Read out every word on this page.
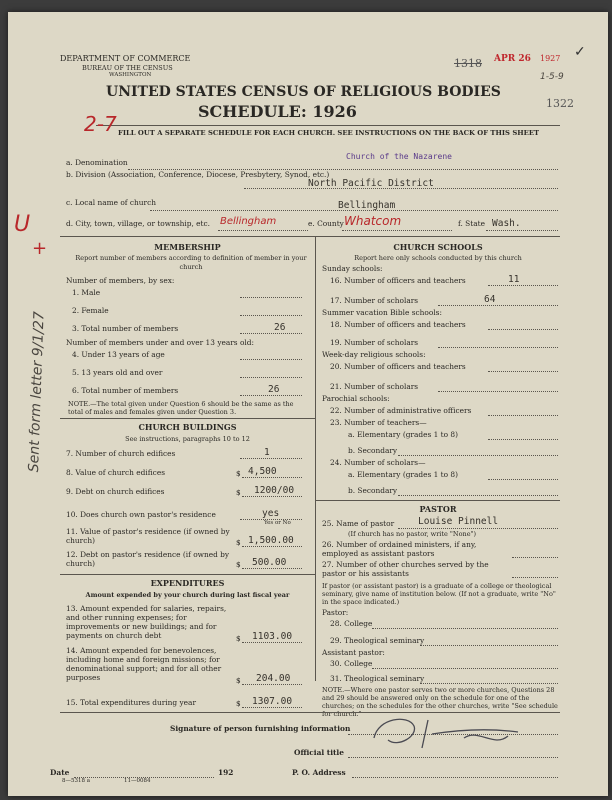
DEPARTMENT OF COMMERCE
BUREAU OF THE CENSUS
WASHINGTON
UNITED STATES CENSUS OF RELIGIOUS BODIES
SCHEDULE: 1926
FILL OUT A SEPARATE SCHEDULE FOR EACH CHURCH. SEE INSTRUCTIONS ON THE BACK OF THIS SHEET
1318 APR 26 1927
1-5-9
1322
2-7
✓
a. Denomination
Church of the Nazarene
b. Division (Association, Conference, Diocese, Presbytery, Synod, etc.)
North Pacific District
c. Local name of church	Bellingham
d. City, town, village, or township, etc. Bellingham	e. County Whatcom	f. State Wash.
MEMBERSHIP
Report number of members according to definition of member in your church
Number of members, by sex:
1. Male
2. Female
3. Total number of members	26
Number of members under and over 13 years old:
4. Under 13 years of age
5. 13 years old and over
6. Total number of members	26
NOTE.—The total given under Question 6 should be the same as the total of males and females given under Question 3.
CHURCH BUILDINGS
See instructions, paragraphs 10 to 12
7. Number of church edifices	1
8. Value of church edifices	$ 4,500
9. Debt on church edifices	$ 1200/00
10. Does church own pastor's residence	yes
Yes or No
11. Value of pastor's residence (if owned by church)	$ 1,500.00
12. Debt on pastor's residence (if owned by church)	$ 500.00
EXPENDITURES
Amount expended by your church during last fiscal year
13. Amount expended for salaries, repairs, and other running expenses; for improvements or new buildings; and for payments on church debt	$ 1103.00
14. Amount expended for benevolences, including home and foreign missions; for denominational support; and for all other purposes	$ 204.00
15. Total expenditures during year	$ 1307.00
CHURCH SCHOOLS
Report here only schools conducted by this church
Sunday schools:
16. Number of officers and teachers	11
17. Number of scholars	64
Summer vacation Bible schools:
18. Number of officers and teachers
19. Number of scholars
Week-day religious schools:
20. Number of officers and teachers
21. Number of scholars
Parochial schools:
22. Number of administrative officers
23. Number of teachers—
a. Elementary (grades 1 to 8)
b. Secondary
24. Number of scholars—
a. Elementary (grades 1 to 8)
b. Secondary
PASTOR
25. Name of pastor	Louise Pinnell
(If church has no pastor, write "None")
26. Number of ordained ministers, if any, employed as assistant pastors
27. Number of other churches served by the pastor or his assistants
If pastor (or assistant pastor) is a graduate of a college or theological seminary, give name of institution below. (If not a graduate, write "No" in the space indicated.)
Pastor:
28. College
29. Theological seminary
Assistant pastor:
30. College
31. Theological seminary
NOTE.—Where one pastor serves two or more churches, Questions 28 and 29 should be answered only on the schedule for one of the churches; on the schedules for the other churches, write "See schedule for church."
Signature of person furnishing information
Official title
Date	192	P. O. Address
8—5318 a	11—0084
U
+
Sent form letter 9/1/27
